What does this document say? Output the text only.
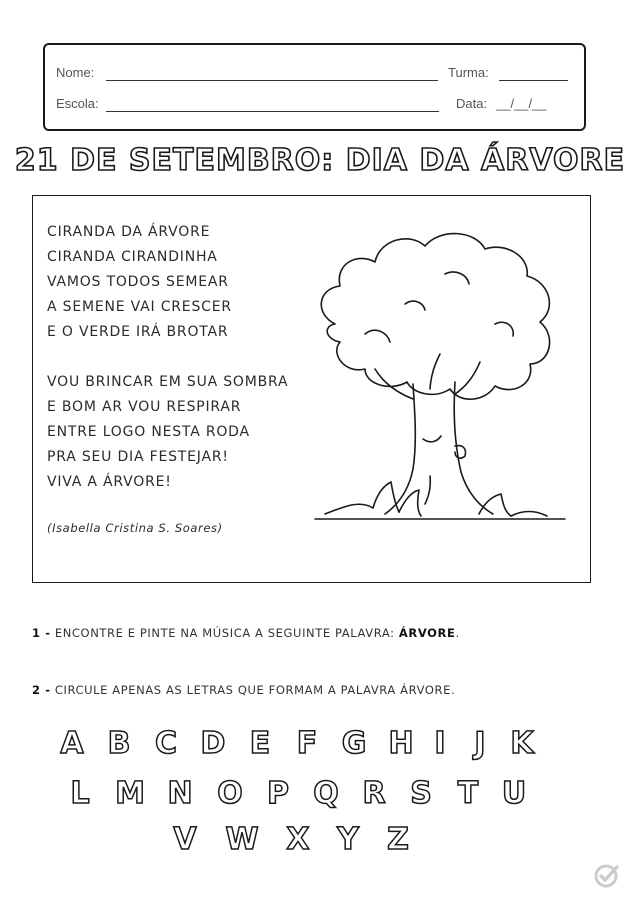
Nome:	Turma:
Escola:	Data: __/__/__
21 DE SETEMBRO: DIA DA ÁRVORE
CIRANDA DA ÁRVORE
CIRANDA CIRANDINHA
VAMOS TODOS SEMEAR
A SEMENE VAI CRESCER
E O VERDE IRÁ BROTAR
VOU BRINCAR EM SUA SOMBRA
E BOM AR VOU RESPIRAR
ENTRE LOGO NESTA RODA
PRA SEU DIA FESTEJAR!
VIVA A ÁRVORE!
(Isabella Cristina S. Soares)
1 - ENCONTRE E PINTE NA MÚSICA A SEGUINTE PALAVRA: ÁRVORE.
2 - CIRCULE APENAS AS LETRAS QUE FORMAM A PALAVRA ÁRVORE.
A B C D E F G H I J K
L M N O P Q R S T U
V W X Y Z
